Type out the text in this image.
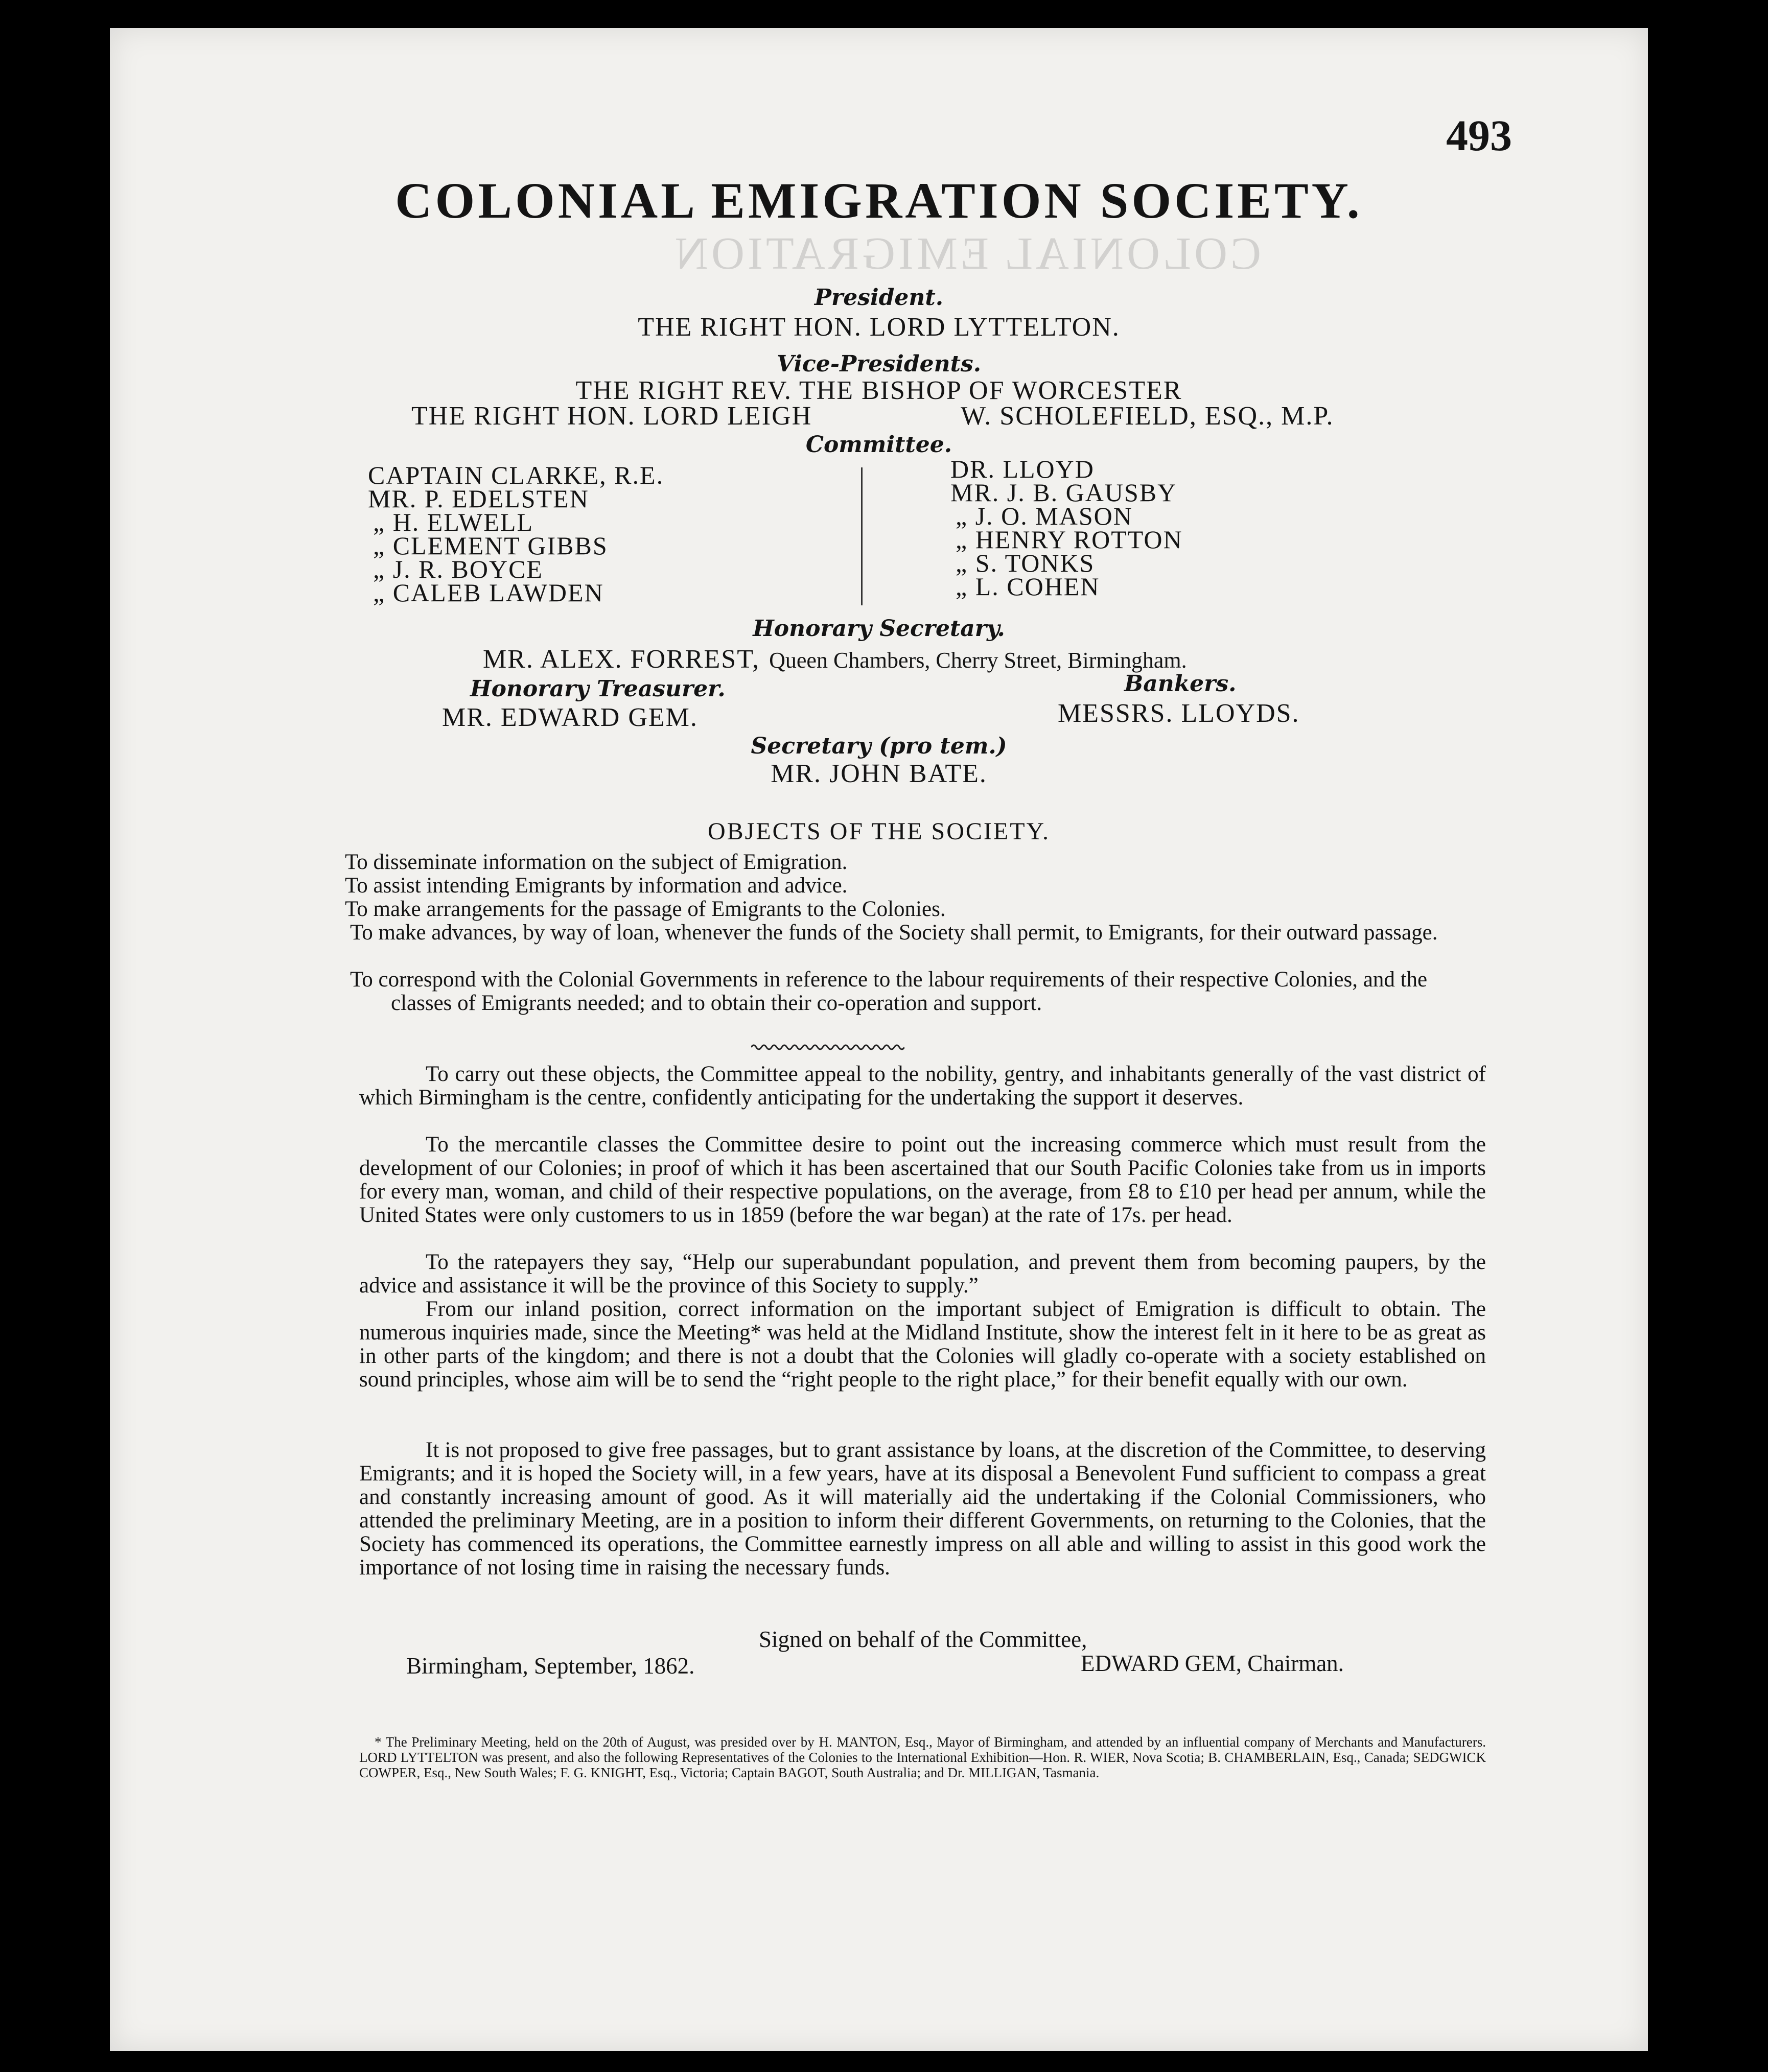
COLONIAL EMIGRATION
493
COLONIAL EMIGRATION SOCIETY.
President.
THE RIGHT HON. LORD LYTTELTON.
Vice-Presidents.
THE RIGHT REV. THE BISHOP OF WORCESTER
THE RIGHT HON. LORD LEIGH	W. SCHOLEFIELD, ESQ., M.P.
Committee.
CAPTAIN CLARKE, R.E.
MR. P. EDELSTEN
„ H. ELWELL
„ CLEMENT GIBBS
„ J. R. BOYCE
„ CALEB LAWDEN
DR. LLOYD
MR. J. B. GAUSBY
„ J. O. MASON
„ HENRY ROTTON
„ S. TONKS
„ L. COHEN
Honorary Secretary.
MR. ALEX. FORREST, Queen Chambers, Cherry Street, Birmingham.
Honorary Treasurer.
MR. EDWARD GEM.
Bankers.
MESSRS. LLOYDS.
Secretary (pro tem.)
MR. JOHN BATE.
OBJECTS OF THE SOCIETY.
To disseminate information on the subject of Emigration.
To assist intending Emigrants by information and advice.
To make arrangements for the passage of Emigrants to the Colonies.
To make advances, by way of loan, whenever the funds of the Society shall permit, to Emigrants, for their outward passage.
To correspond with the Colonial Governments in reference to the labour requirements of their respective Colonies, and the classes of Emigrants needed; and to obtain their co-operation and support.
To carry out these objects, the Committee appeal to the nobility, gentry, and inhabitants generally of the vast district of which Birmingham is the centre, confidently anticipating for the undertaking the support it deserves.
To the mercantile classes the Committee desire to point out the increasing commerce which must result from the development of our Colonies; in proof of which it has been ascertained that our South Pacific Colonies take from us in imports for every man, woman, and child of their respective populations, on the average, from £8 to £10 per head per annum, while the United States were only customers to us in 1859 (before the war began) at the rate of 17s. per head.
To the ratepayers they say, “Help our superabundant population, and prevent them from becoming paupers, by the advice and assistance it will be the province of this Society to supply.”
From our inland position, correct information on the important subject of Emigration is difficult to obtain. The numerous inquiries made, since the Meeting* was held at the Midland Institute, show the interest felt in it here to be as great as in other parts of the kingdom; and there is not a doubt that the Colonies will gladly co-operate with a society established on sound principles, whose aim will be to send the “right people to the right place,” for their benefit equally with our own.
It is not proposed to give free passages, but to grant assistance by loans, at the discretion of the Committee, to deserving Emigrants; and it is hoped the Society will, in a few years, have at its disposal a Benevolent Fund sufficient to compass a great and constantly increasing amount of good. As it will materially aid the undertaking if the Colonial Commissioners, who attended the preliminary Meeting, are in a position to inform their different Governments, on returning to the Colonies, that the Society has commenced its operations, the Committee earnestly impress on all able and willing to assist in this good work the importance of not losing time in raising the necessary funds.
Signed on behalf of the Committee,
Birmingham, September, 1862.	EDWARD GEM, Chairman.
* The Preliminary Meeting, held on the 20th of August, was presided over by H. MANTON, Esq., Mayor of Birmingham, and attended by an influential company of Merchants and Manufacturers. LORD LYTTELTON was present, and also the following Representatives of the Colonies to the International Exhibition—Hon. R. WIER, Nova Scotia; B. CHAMBERLAIN, Esq., Canada; SEDGWICK COWPER, Esq., New South Wales; F. G. KNIGHT, Esq., Victoria; Captain BAGOT, South Australia; and Dr. MILLIGAN, Tasmania.
